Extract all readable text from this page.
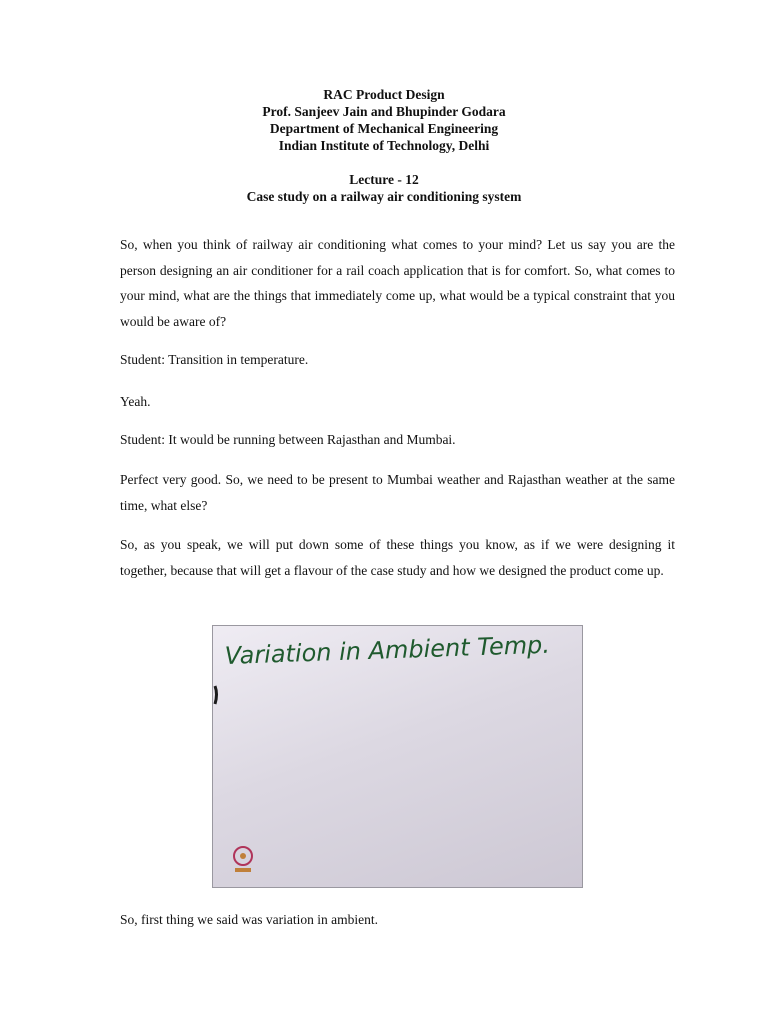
RAC Product Design
Prof. Sanjeev Jain and Bhupinder Godara
Department of Mechanical Engineering
Indian Institute of Technology, Delhi
Lecture - 12
Case study on a railway air conditioning system

So, when you think of railway air conditioning what comes to your mind? Let us say you are the person designing an air conditioner for a rail coach application that is for comfort. So, what comes to your mind, what are the things that immediately come up, what would be a typical constraint that you would be aware of?

Student: Transition in temperature.

Yeah.

Student: It would be running between Rajasthan and Mumbai.

Perfect very good. So, we need to be present to Mumbai weather and Rajasthan weather at the same time, what else?

So, as you speak, we will put down some of these things you know, as if we were designing it together, because that will get a flavour of the case study and how we designed the product come up.

Variation in Ambient Temp.

So, first thing we said was variation in ambient.
